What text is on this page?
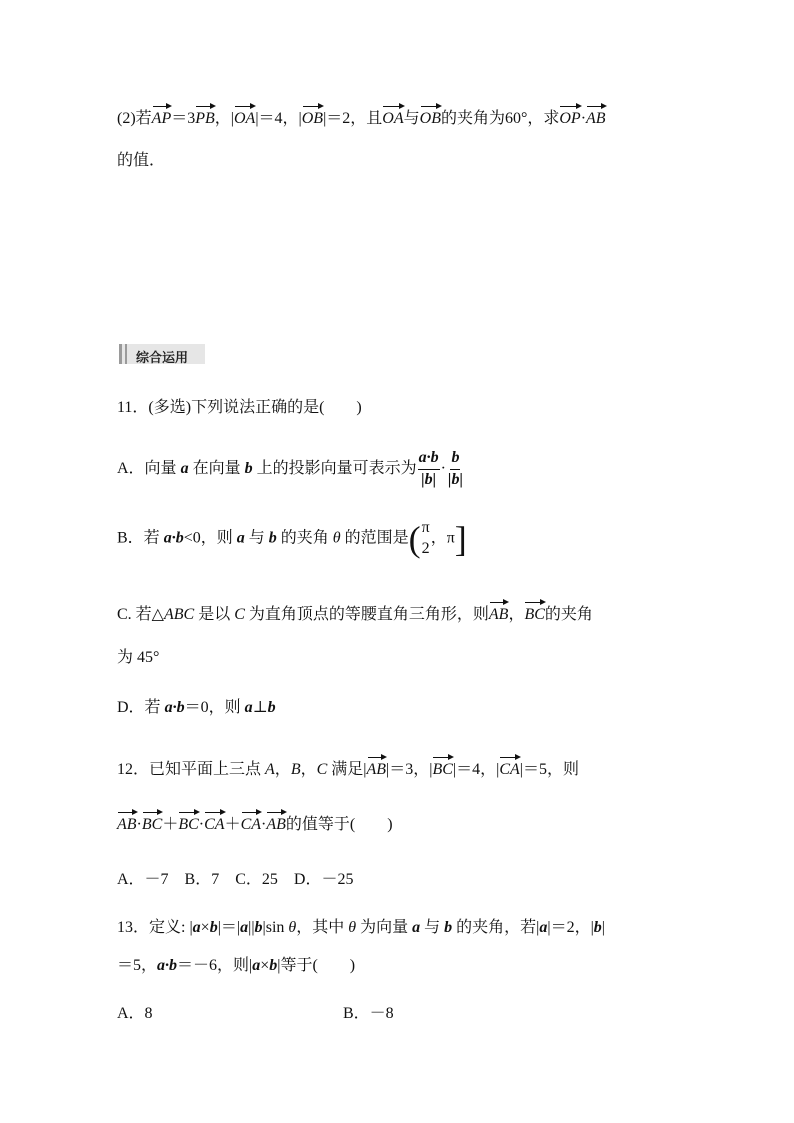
(2)若AP＝3PB，|OA|＝4，|OB|＝2，且OA与OB的夹角为60°，求OP·AB
的值．
综合运用
11．(多选)下列说法正确的是(　　)
A．向量 a 在向量 b 上的投影向量可表示为 $\frac{a\cdot b}{|b|} \cdot \frac{b}{|b|}$
B．若 a·b<0，则 a 与 b 的夹角 θ 的范围是( π
2
，π]
C. 若△ABC 是以 C 为直角顶点的等腰直角三角形，则AB，BC的夹角
为 45°
D．若 a·b＝0，则 a⊥b
12．已知平面上三点 A，B，C 满足|AB|＝3，|BC|＝4，|CA|＝5，则
AB·BC＋BC·CA＋CA·AB的值等于(　　)
A．－7　B．7　C．25　D．－25
13．定义: |a×b|＝|a||b|sin θ，其中 θ 为向量 a 与 b 的夹角，若|a|＝2，|b|
＝5，a·b＝－6，则|a×b|等于(　　)
A．8	B．－8
